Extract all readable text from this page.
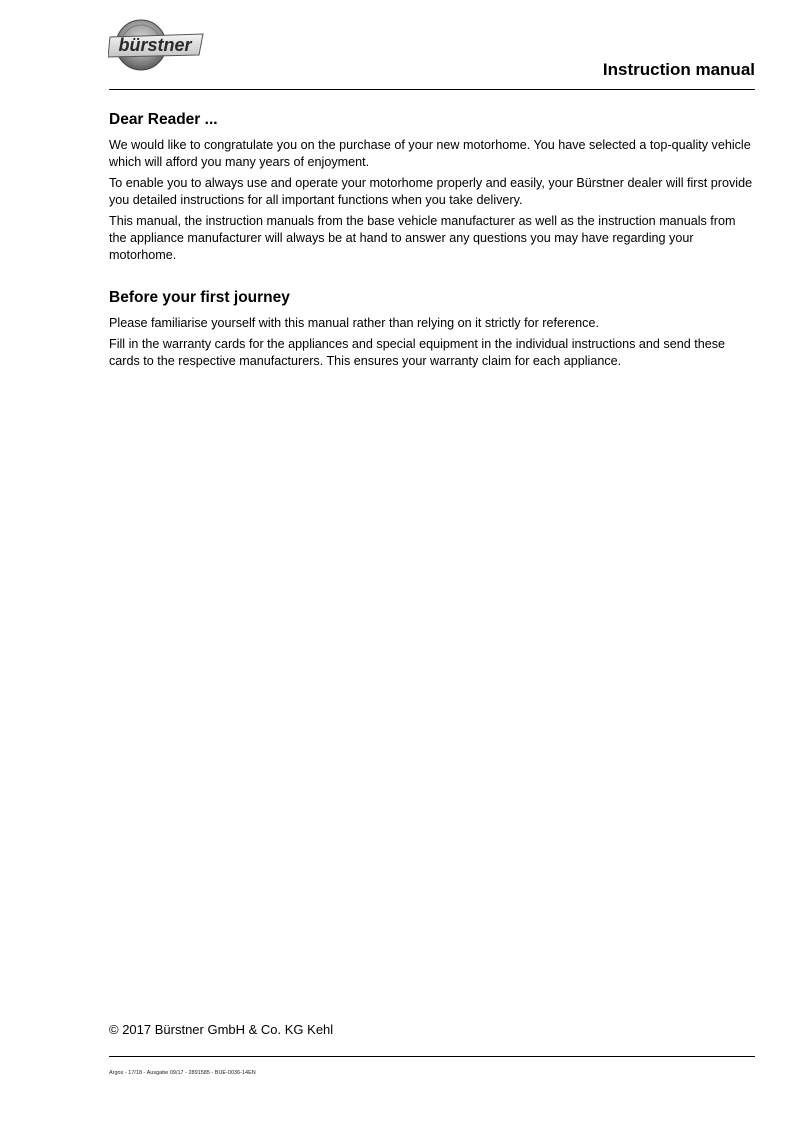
bürstner
Instruction manual
Dear Reader ...

We would like to congratulate you on the purchase of your new motorhome. You have selected a top-quality vehicle which will afford you many years of enjoyment.

To enable you to always use and operate your motorhome properly and easily, your Bürstner dealer will first provide you detailed instructions for all important functions when you take delivery.

This manual, the instruction manuals from the base vehicle manufacturer as well as the instruction manuals from the appliance manufacturer will always be at hand to answer any questions you may have regarding your motorhome.

Before your first journey

Please familiarise yourself with this manual rather than relying on it strictly for reference.

Fill in the warranty cards for the appliances and special equipment in the individual instructions and send these cards to the respective manufacturers. This ensures your warranty claim for each appliance.

© 2017 Bürstner GmbH & Co. KG Kehl

Argos - 17/18 - Ausgabe 09/17 - 2891585 - BUE-0036-14EN
